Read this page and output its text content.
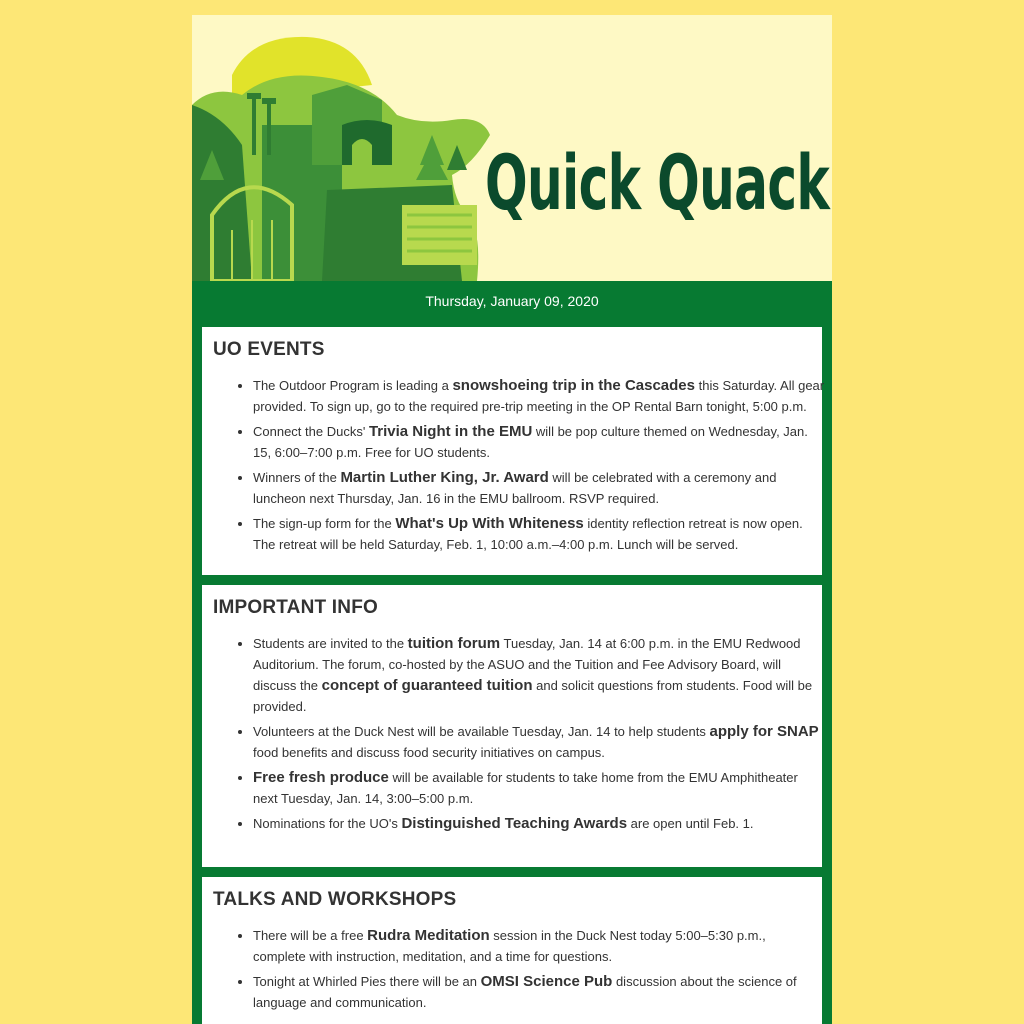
Quick Quack
Thursday, January 09, 2020
UO EVENTS
• The Outdoor Program is leading a snowshoeing trip in the Cascades this Saturday. All gear provided. To sign up, go to the required pre-trip meeting in the OP Rental Barn tonight, 5:00 p.m.
• Connect the Ducks' Trivia Night in the EMU will be pop culture themed on Wednesday, Jan. 15, 6:00–7:00 p.m. Free for UO students.
• Winners of the Martin Luther King, Jr. Award will be celebrated with a ceremony and luncheon next Thursday, Jan. 16 in the EMU ballroom. RSVP required.
• The sign-up form for the What's Up With Whiteness identity reflection retreat is now open. The retreat will be held Saturday, Feb. 1, 10:00 a.m.–4:00 p.m. Lunch will be served.
IMPORTANT INFO
• Students are invited to the tuition forum Tuesday, Jan. 14 at 6:00 p.m. in the EMU Redwood Auditorium. The forum, co-hosted by the ASUO and the Tuition and Fee Advisory Board, will discuss the concept of guaranteed tuition and solicit questions from students. Food will be provided.
• Volunteers at the Duck Nest will be available Tuesday, Jan. 14 to help students apply for SNAP food benefits and discuss food security initiatives on campus.
• Free fresh produce will be available for students to take home from the EMU Amphitheater next Tuesday, Jan. 14, 3:00–5:00 p.m.
• Nominations for the UO's Distinguished Teaching Awards are open until Feb. 1.
TALKS AND WORKSHOPS
• There will be a free Rudra Meditation session in the Duck Nest today 5:00–5:30 p.m., complete with instruction, meditation, and a time for questions.
• Tonight at Whirled Pies there will be an OMSI Science Pub discussion about the science of language and communication.
